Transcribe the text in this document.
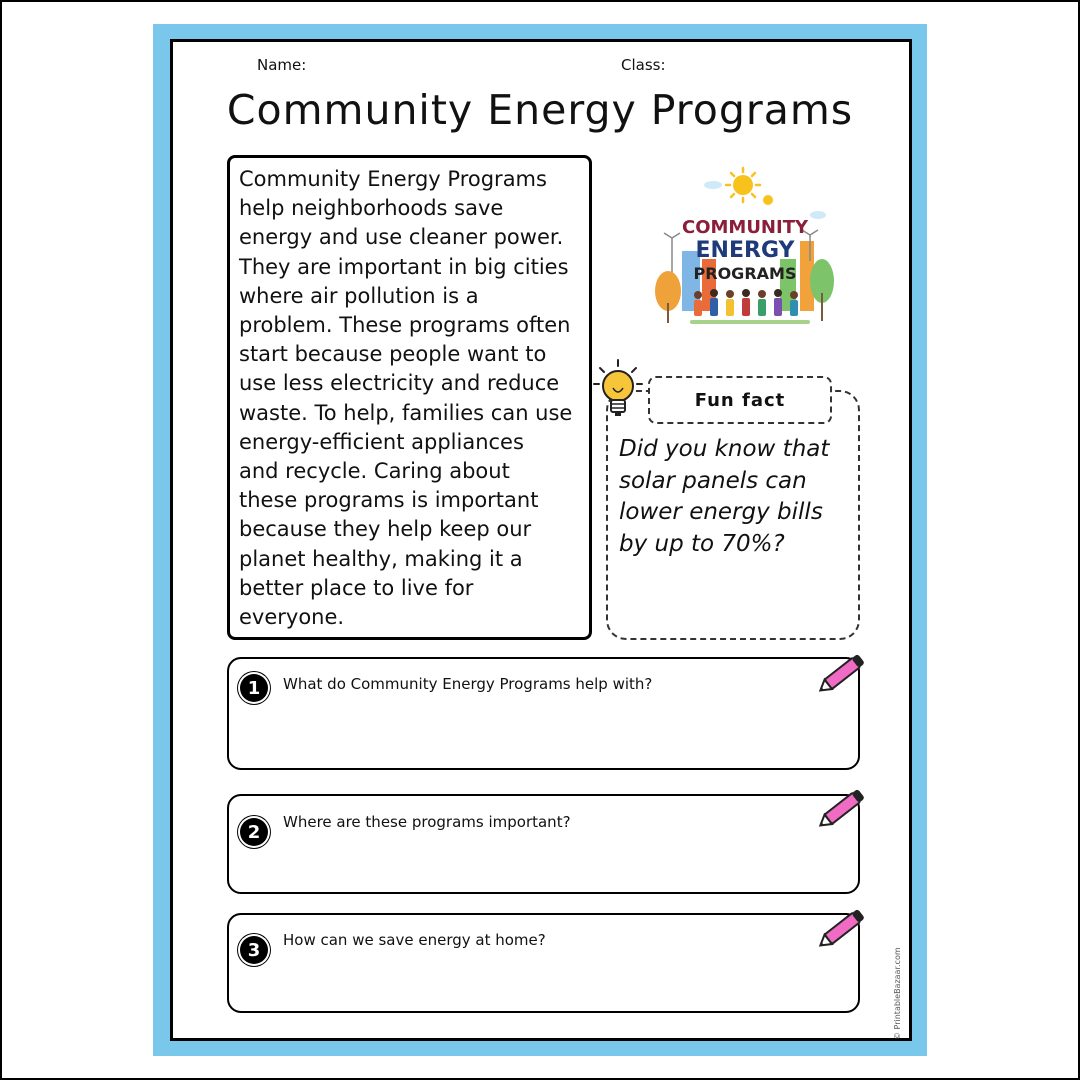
Name:	Class:
Community Energy Programs

Community Energy Programs
help neighborhoods save
energy and use cleaner power.
They are important in big cities
where air pollution is a
problem. These programs often
start because people want to
use less electricity and reduce
waste. To help, families can use
energy-efficient appliances
and recycle. Caring about
these programs is important
because they help keep our
planet healthy, making it a
better place to live for
everyone.

COMMUNITY
ENERGY
PROGRAMS
Fun fact
Did you know that
solar panels can
lower energy bills
by up to 70%?
1	What do Community Energy Programs help with?
2	Where are these programs important?
3	How can we save energy at home?
© PrintableBazaar.com
